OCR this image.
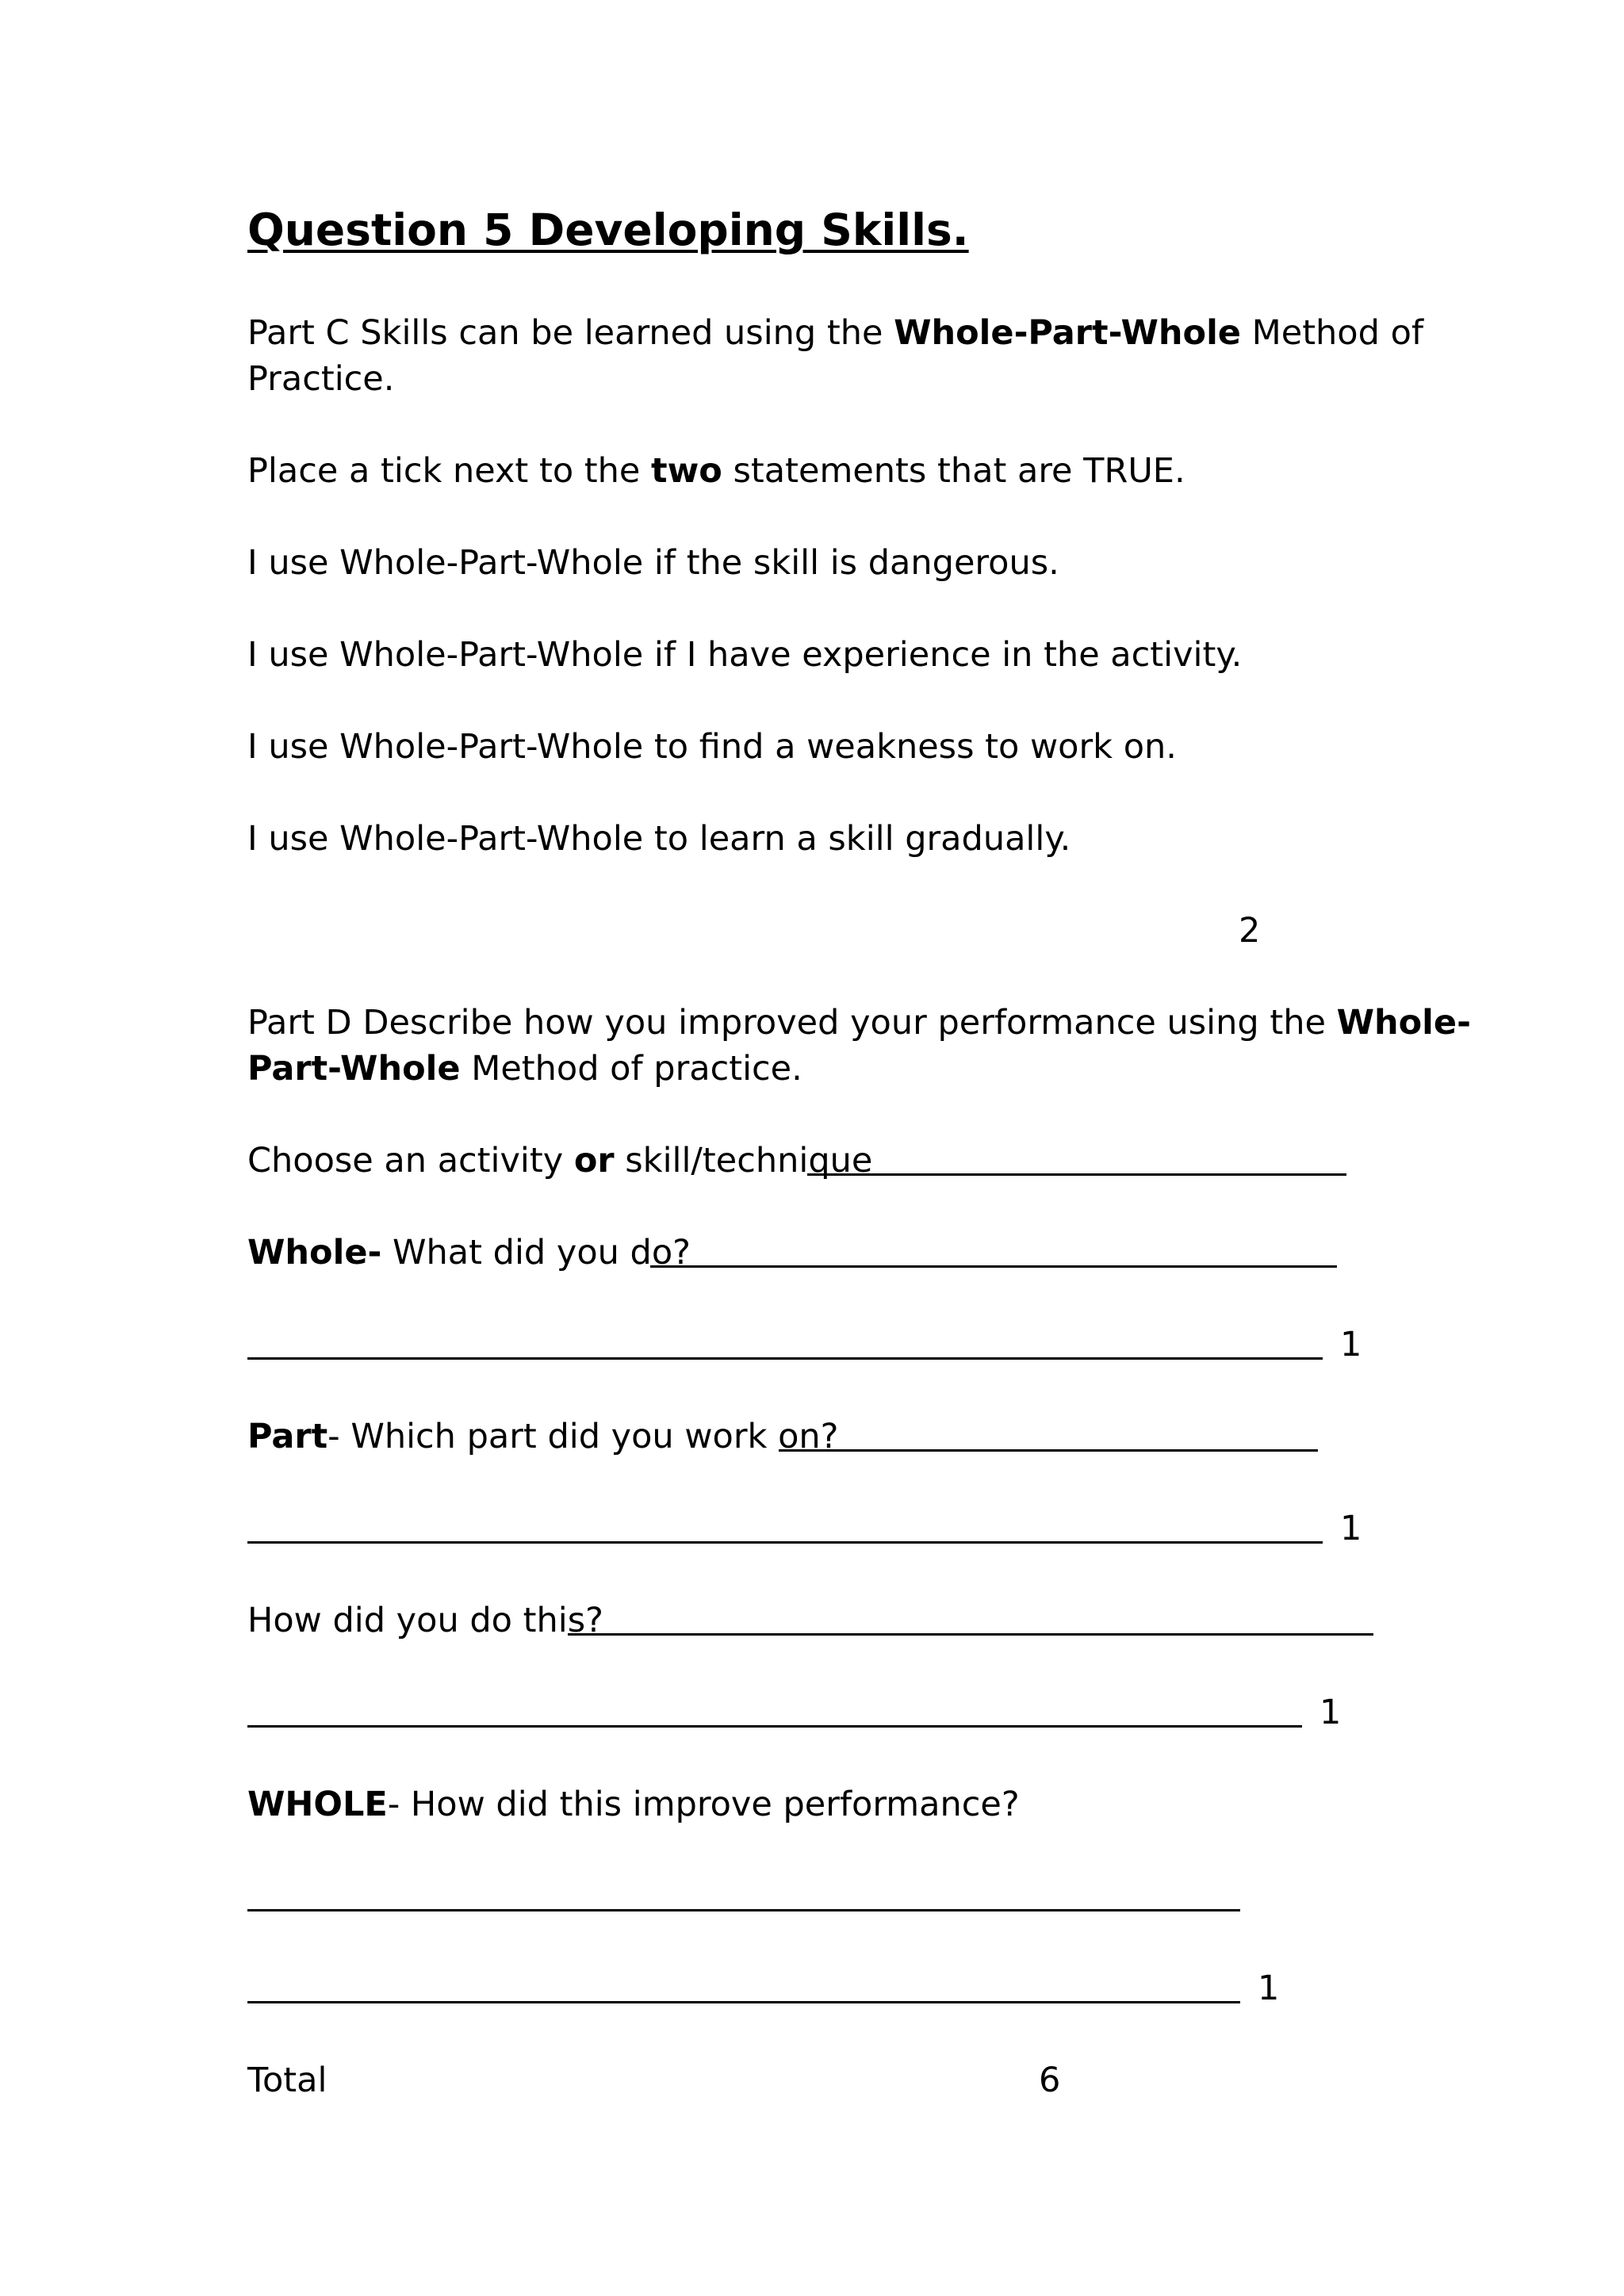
Question 5 Developing Skills.

Part C Skills can be learned using the Whole-Part-Whole Method of

Practice.

Place a tick next to the two statements that are TRUE.

I use Whole-Part-Whole if the skill is dangerous.

I use Whole-Part-Whole if I have experience in the activity.

I use Whole-Part-Whole to find a weakness to work on.

I use Whole-Part-Whole to learn a skill gradually.

2

Part D Describe how you improved your performance using the Whole-

Part-Whole Method of practice.

Choose an activity or skill/technique

Whole- What did you do?

1

Part- Which part did you work on?

1

How did you do this?

1

WHOLE- How did this improve performance?

1

Total	6
